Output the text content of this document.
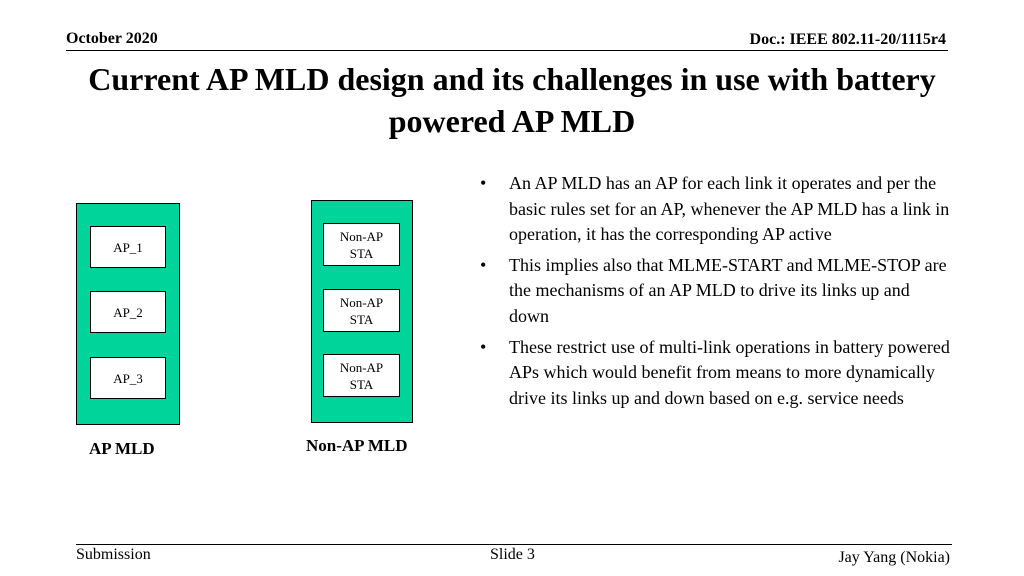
October 2020	Doc.: IEEE 802.11-20/1115r4
Current AP MLD design and its challenges in use with battery powered AP MLD
AP_1
AP_2
AP_3
AP MLD
Non-AP
STA
Non-AP
STA
Non-AP
STA
Non-AP MLD
• An AP MLD has an AP for each link it operates and per the basic rules set for an AP, whenever the AP MLD has a link in operation, it has the corresponding AP active
• This implies also that MLME-START and MLME-STOP are the mechanisms of an AP MLD to drive its links up and down
• These restrict use of multi-link operations in battery powered APs which would benefit from means to more dynamically drive its links up and down based on e.g. service needs
Submission	Slide 3	Jay Yang (Nokia)
